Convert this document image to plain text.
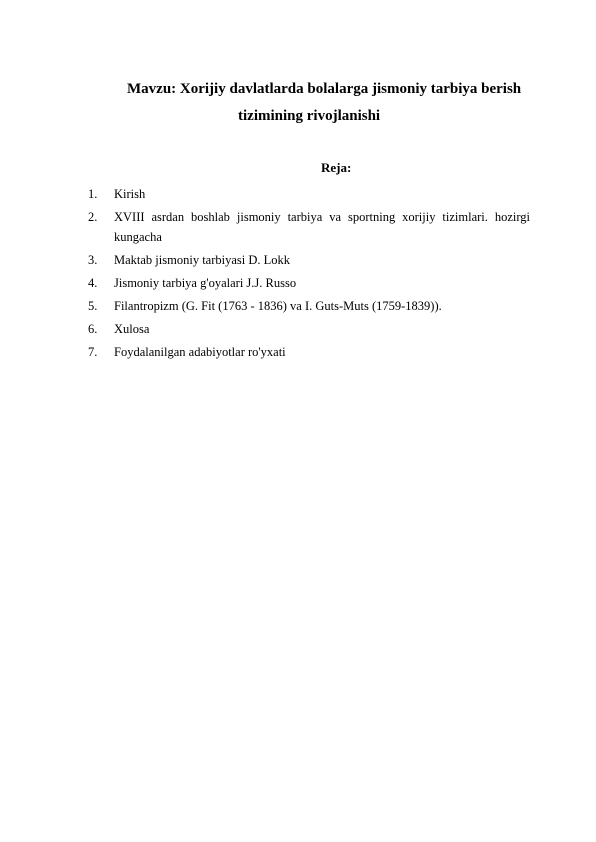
Mavzu: Xorijiy davlatlarda bolalarga jismoniy tarbiya berish
tizimining rivojlanishi
Reja:
1. Kirish
2. XVIII asrdan boshlab jismoniy tarbiya va sportning xorijiy tizimlari. hozirgi kungacha
3. Maktab jismoniy tarbiyasi D. Lokk
4. Jismoniy tarbiya g'oyalari J.J. Russo
5. Filantropizm (G. Fit (1763 - 1836) va I. Guts-Muts (1759-1839)).
6. Xulosa
7. Foydalanilgan adabiyotlar ro'yxati
